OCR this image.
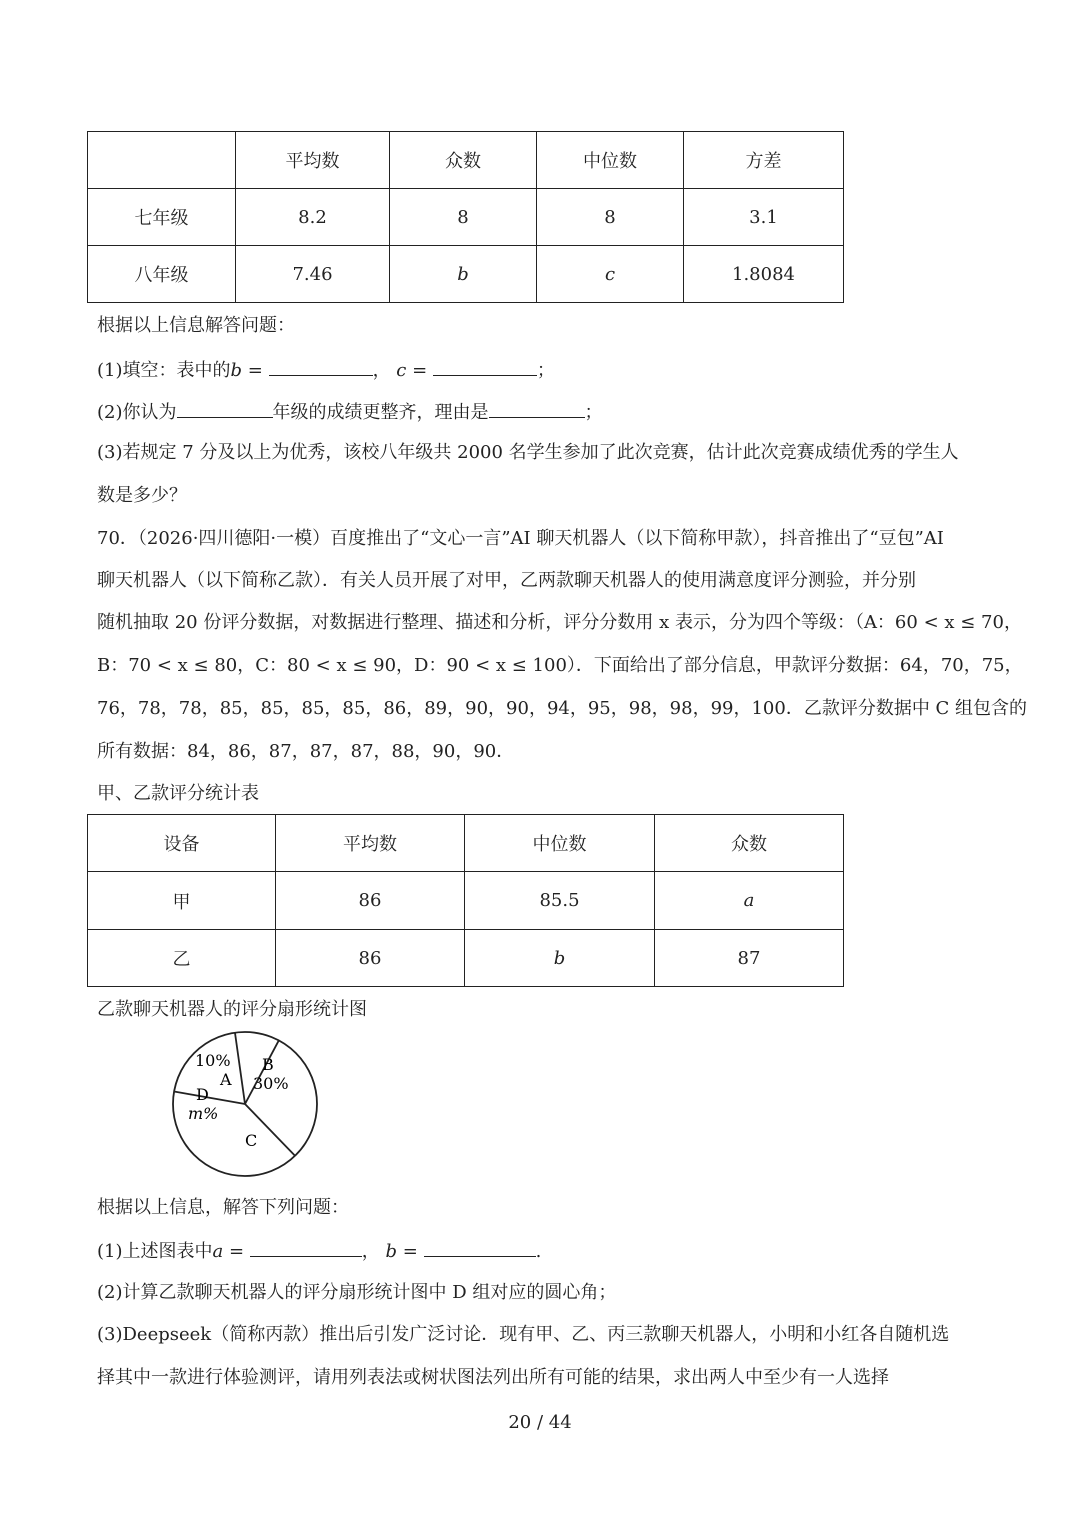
	平均数	众数	中位数	方差
七年级	8.2	8	8	3.1
八年级	7.46	b	c	1.8084
根据以上信息解答问题：
(1)填空：表中的b =	， c =	；
(2)你认为	年级的成绩更整齐，理由是	；
(3)若规定 7 分及以上为优秀，该校八年级共 2000 名学生参加了此次竞赛，估计此次竞赛成绩优秀的学生人
数是多少？
70．（2026·四川德阳·一模）百度推出了“文心一言”AI 聊天机器人（以下简称甲款），抖音推出了“豆包”AI
聊天机器人（以下简称乙款）．有关人员开展了对甲，乙两款聊天机器人的使用满意度评分测验，并分别
随机抽取 20 份评分数据，对数据进行整理、描述和分析，评分分数用 x 表示，分为四个等级：（A：60 < x ≤ 70，
B：70 < x ≤ 80，C：80 < x ≤ 90，D：90 < x ≤ 100）．下面给出了部分信息，甲款评分数据：64，70，75，
76，78，78，85，85，85，85，86，89，90，90，94，95，98，98，99，100．乙款评分数据中 C 组包含的
所有数据：84，86，87，87，87，88，90，90．
甲、乙款评分统计表
设备	平均数	中位数	众数
甲	86	85.5	a
乙	86	b	87
乙款聊天机器人的评分扇形统计图
10%
A
B
30%
C
D
m%
根据以上信息，解答下列问题：
(1)上述图表中a =	， b =	.
(2)计算乙款聊天机器人的评分扇形统计图中 D 组对应的圆心角；
(3)Deepseek（简称丙款）推出后引发广泛讨论．现有甲、乙、丙三款聊天机器人，小明和小红各自随机选
择其中一款进行体验测评，请用列表法或树状图法列出所有可能的结果，求出两人中至少有一人选择
20 / 44
